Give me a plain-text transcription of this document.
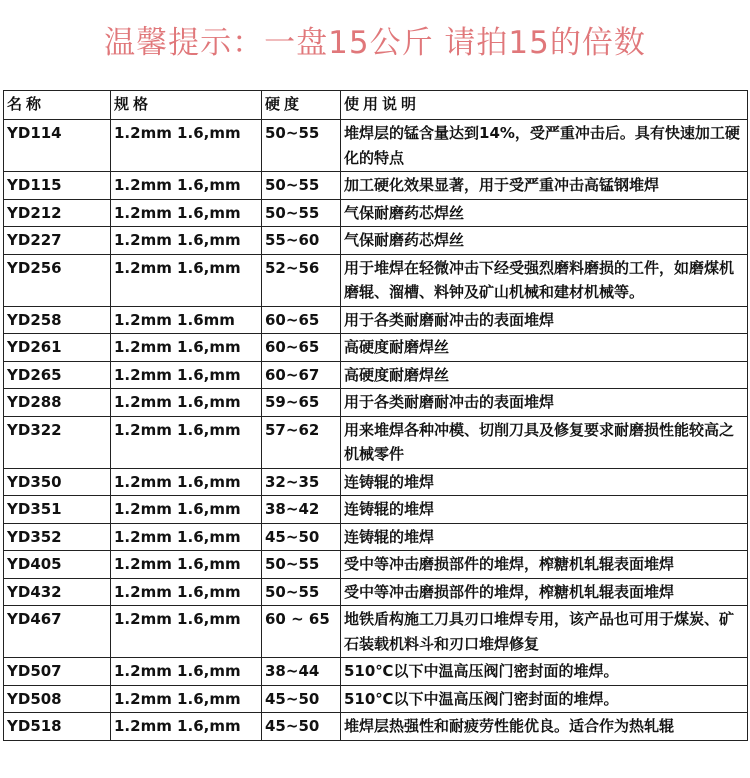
温馨提示：一盘15公斤 请拍15的倍数
名称	规格	硬度	使用说明
YD114	1.2mm 1.6,mm	50~55	堆焊层的锰含量达到14%，受严重冲击后。具有快速加工硬化的特点
YD115	1.2mm 1.6,mm	50~55	加工硬化效果显著，用于受严重冲击高锰钢堆焊
YD212	1.2mm 1.6,mm	50~55	气保耐磨药芯焊丝
YD227	1.2mm 1.6,mm	55~60	气保耐磨药芯焊丝
YD256	1.2mm 1.6,mm	52~56	用于堆焊在轻微冲击下经受强烈磨料磨损的工件，如磨煤机磨辊、溜槽、料钟及矿山机械和建材机械等。
YD258	1.2mm 1.6mm	60~65	用于各类耐磨耐冲击的表面堆焊
YD261	1.2mm 1.6,mm	60~65	高硬度耐磨焊丝
YD265	1.2mm 1.6,mm	60~67	高硬度耐磨焊丝
YD288	1.2mm 1.6,mm	59~65	用于各类耐磨耐冲击的表面堆焊
YD322	1.2mm 1.6,mm	57~62	用来堆焊各种冲模、切削刀具及修复要求耐磨损性能较高之机械零件
YD350	1.2mm 1.6,mm	32~35	连铸辊的堆焊
YD351	1.2mm 1.6,mm	38~42	连铸辊的堆焊
YD352	1.2mm 1.6,mm	45~50	连铸辊的堆焊
YD405	1.2mm 1.6,mm	50~55	受中等冲击磨损部件的堆焊，榨糖机轧辊表面堆焊
YD432	1.2mm 1.6,mm	50~55	受中等冲击磨损部件的堆焊，榨糖机轧辊表面堆焊
YD467	1.2mm 1.6,mm	60 ~ 65	地铁盾构施工刀具刃口堆焊专用，该产品也可用于煤炭、矿石装载机料斗和刃口堆焊修复
YD507	1.2mm 1.6,mm	38~44	510℃以下中温高压阀门密封面的堆焊。
YD508	1.2mm 1.6,mm	45~50	510℃以下中温高压阀门密封面的堆焊。
YD518	1.2mm 1.6,mm	45~50	堆焊层热强性和耐疲劳性能优良。适合作为热轧辊
